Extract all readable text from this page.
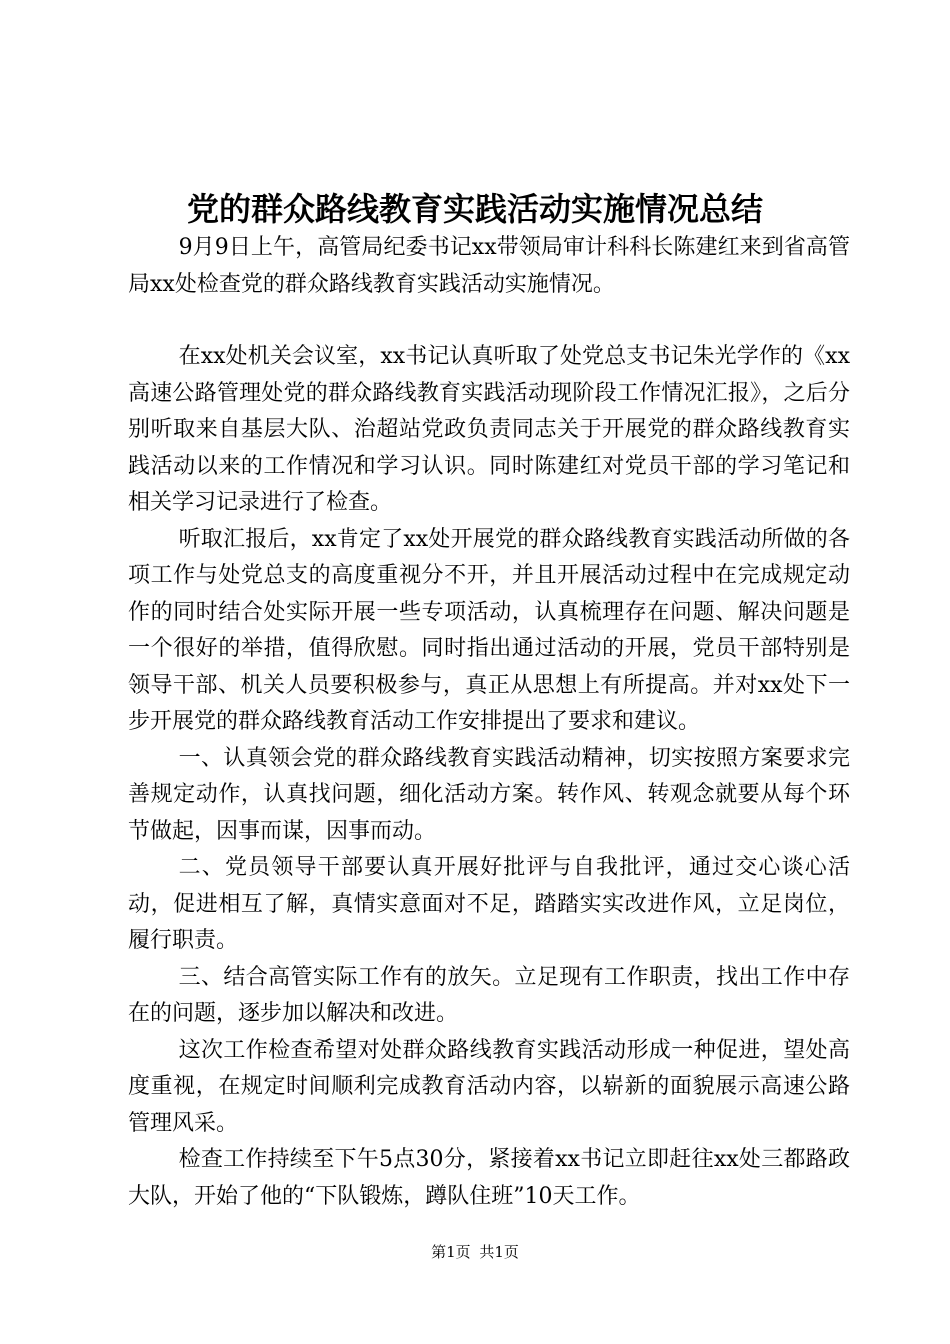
党的群众路线教育实践活动实施情况总结

9月9日上午，高管局纪委书记xx带领局审计科科长陈建红来到省高管局xx处检查党的群众路线教育实践活动实施情况。

在xx处机关会议室，xx书记认真听取了处党总支书记朱光学作的《xx高速公路管理处党的群众路线教育实践活动现阶段工作情况汇报》，之后分别听取来自基层大队、治超站党政负责同志关于开展党的群众路线教育实践活动以来的工作情况和学习认识。同时陈建红对党员干部的学习笔记和相关学习记录进行了检查。

听取汇报后，xx肯定了xx处开展党的群众路线教育实践活动所做的各项工作与处党总支的高度重视分不开，并且开展活动过程中在完成规定动作的同时结合处实际开展一些专项活动，认真梳理存在问题、解决问题是一个很好的举措，值得欣慰。同时指出通过活动的开展，党员干部特别是领导干部、机关人员要积极参与，真正从思想上有所提高。并对xx处下一步开展党的群众路线教育活动工作安排提出了要求和建议。

一、认真领会党的群众路线教育实践活动精神，切实按照方案要求完善规定动作，认真找问题，细化活动方案。转作风、转观念就要从每个环节做起，因事而谋，因事而动。

二、党员领导干部要认真开展好批评与自我批评，通过交心谈心活动，促进相互了解，真情实意面对不足，踏踏实实改进作风，立足岗位，履行职责。

三、结合高管实际工作有的放矢。立足现有工作职责，找出工作中存在的问题，逐步加以解决和改进。

这次工作检查希望对处群众路线教育实践活动形成一种促进，望处高度重视，在规定时间顺利完成教育活动内容，以崭新的面貌展示高速公路管理风采。

检查工作持续至下午5点30分，紧接着xx书记立即赶往xx处三都路政大队，开始了他的“下队锻炼，蹲队住班”10天工作。

第1页 共1页
